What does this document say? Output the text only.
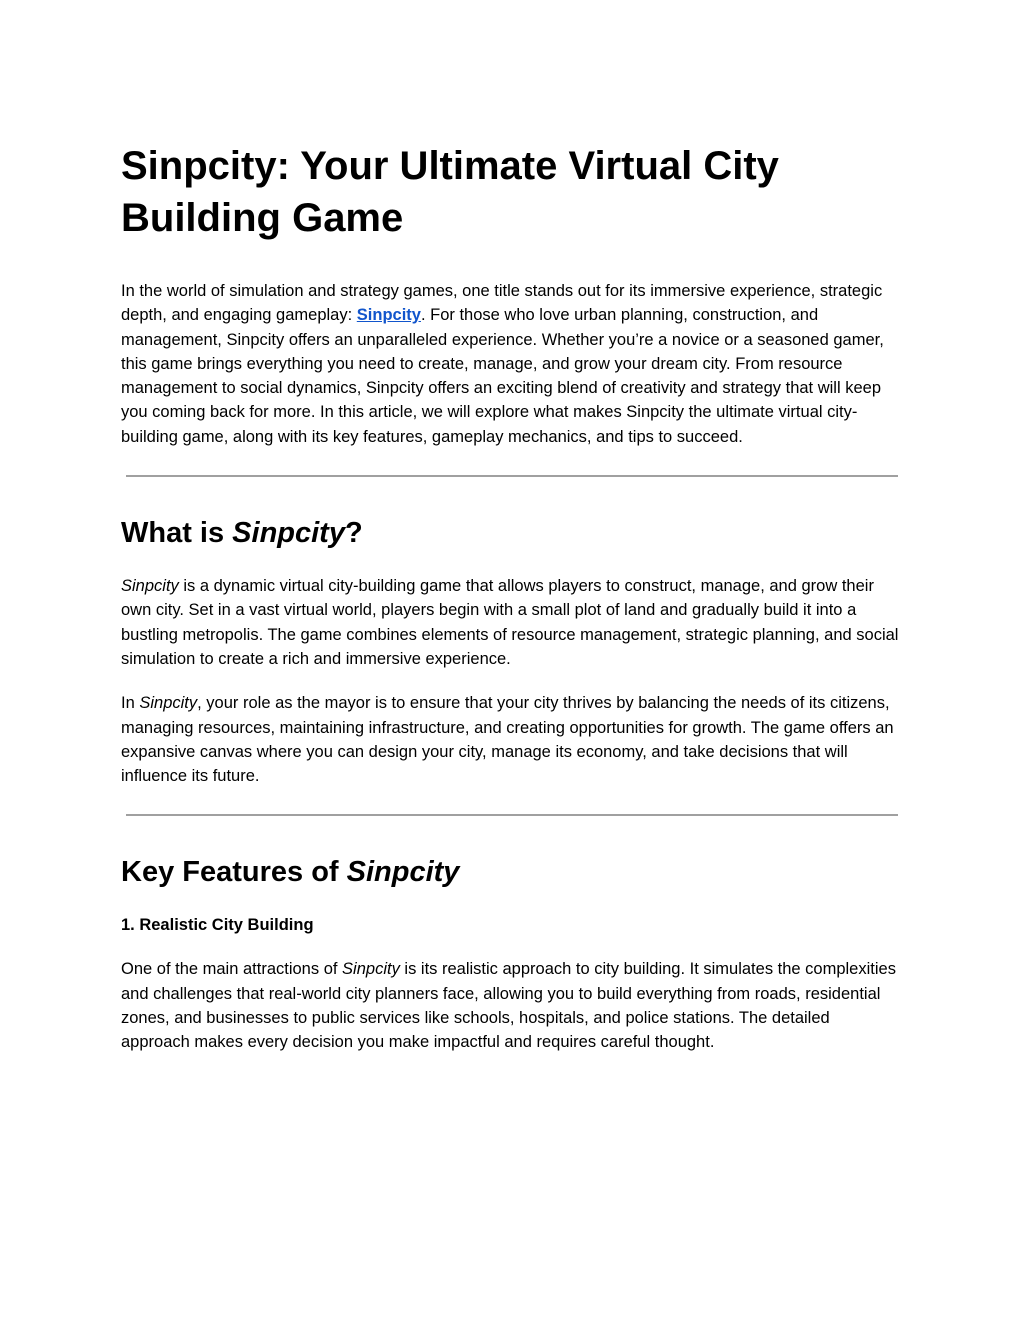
Sinpcity: Your Ultimate Virtual City Building Game

In the world of simulation and strategy games, one title stands out for its immersive experience, strategic depth, and engaging gameplay: Sinpcity. For those who love urban planning, construction, and management, Sinpcity offers an unparalleled experience. Whether you’re a novice or a seasoned gamer, this game brings everything you need to create, manage, and grow your dream city. From resource management to social dynamics, Sinpcity offers an exciting blend of creativity and strategy that will keep you coming back for more. In this article, we will explore what makes Sinpcity the ultimate virtual city-building game, along with its key features, gameplay mechanics, and tips to succeed.

What is Sinpcity?

Sinpcity is a dynamic virtual city-building game that allows players to construct, manage, and grow their own city. Set in a vast virtual world, players begin with a small plot of land and gradually build it into a bustling metropolis. The game combines elements of resource management, strategic planning, and social simulation to create a rich and immersive experience.

In Sinpcity, your role as the mayor is to ensure that your city thrives by balancing the needs of its citizens, managing resources, maintaining infrastructure, and creating opportunities for growth. The game offers an expansive canvas where you can design your city, manage its economy, and take decisions that will influence its future.

Key Features of Sinpcity
1. Realistic City Building

One of the main attractions of Sinpcity is its realistic approach to city building. It simulates the complexities and challenges that real-world city planners face, allowing you to build everything from roads, residential zones, and businesses to public services like schools, hospitals, and police stations. The detailed approach makes every decision you make impactful and requires careful thought.
